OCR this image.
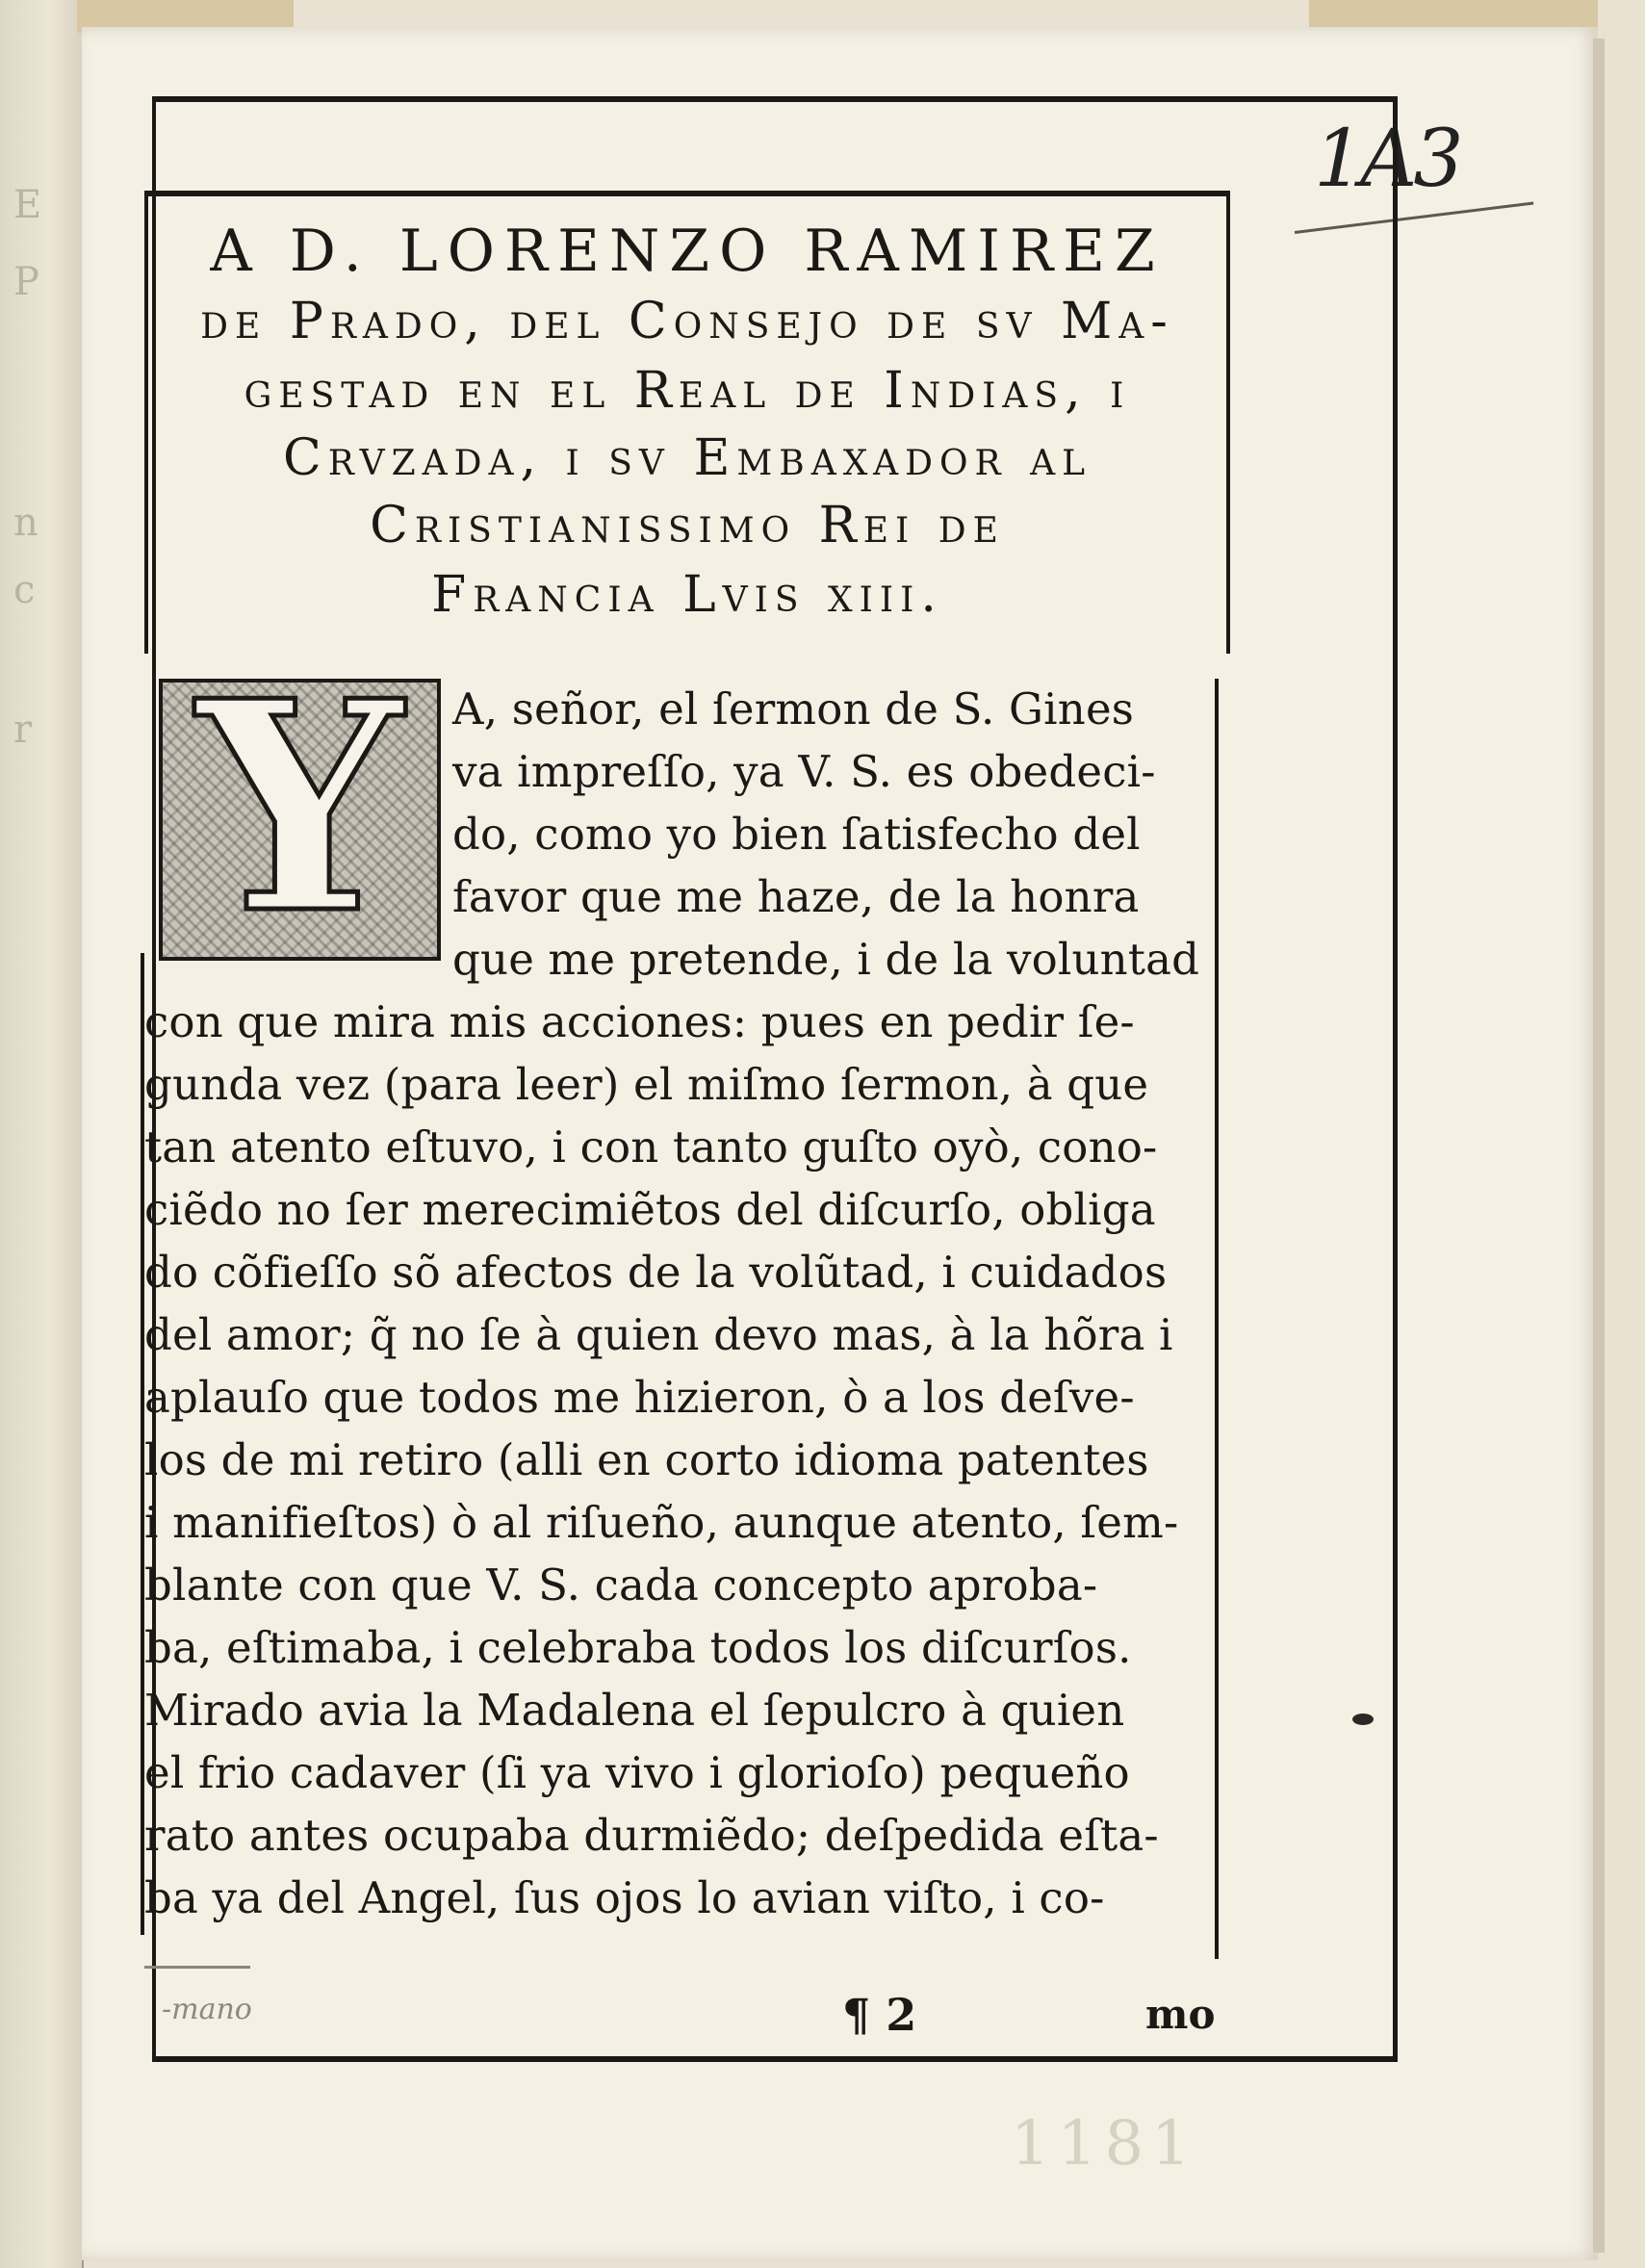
E
P
n
c
r
1A3
A D. LORENZO RAMIREZ
de Prado, del Consejo de sv Ma-
gestad en el Real de Indias, i
Crvzada, i sv Embaxador al
Cristianissimo Rei de
Francia Lvis xiii.
Y	A, señor, el ſermon de S. Gines
va impreſſo, ya V. S. es obedeci-
do, como yo bien ſatisfecho del
favor que me haze, de la honra
que me pretende, i de la voluntad
con que mira mis acciones: pues en pedir ſe-
gunda vez (para leer) el miſmo ſermon, à que
tan atento eſtuvo, i con tanto guſto oyò, cono-
ciẽdo no ſer merecimiẽtos del diſcurſo, obliga
do cõfieſſo sõ afectos de la volũtad, i cuidados
del amor; q̃ no ſe à quien devo mas, à la hõra i
aplauſo que todos me hizieron, ò a los deſve-
los de mi retiro (alli en corto idioma patentes
i manifieſtos) ò al riſueño, aunque atento, ſem-
blante con que V. S. cada concepto aproba-
ba, eſtimaba, i celebraba todos los diſcurſos.
Mirado avia la Madalena el ſepulcro à quien
el frio cadaver (ſi ya vivo i glorioſo) pequeño
rato antes ocupaba durmiẽdo; deſpedida eſta-
ba ya del Angel, ſus ojos lo avian viſto, i co-
-mano	¶ 2	mo
1181
